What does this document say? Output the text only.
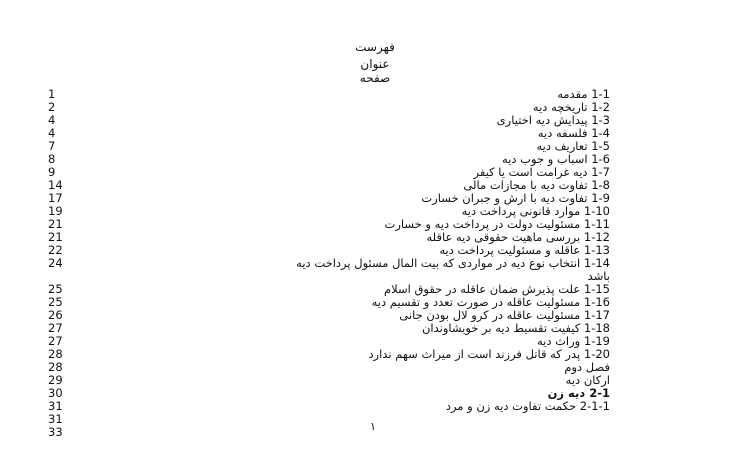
فهرست
عنوان
صفحه
1-1 مقدمه
1
1-2 تاریخچه دیه
2
1-3 پیدایش دیه اختیاری
4
1-4 فلسفه دیه
4
1-5 تعاریف دیه
7
1-6 اسباب و جوب دیه
8
1-7 دیه غرامت است یا کیفر
9
1-8 تفاوت دیه با مجازات مالی
14
1-9 تفاوت دیه با ارش و جبران خسارت
17
1-10 موارد قانونی پرداخت دیه
19
1-11 مسئولیت دولت در پرداخت دیه و خسارت
21
1-12 بررسی ماهیت حقوقی دیه عاقله
21
1-13 عاقله و مسئولیت پرداخت دیه
22
1-14 انتخاب نوع دیه در مواردی که بیت المال مسئول پرداخت دیه
24
باشد
1-15 علت پذیرش ضمان عاقله در حقوق اسلام
25
1-16 مسئولیت عاقله در صورت تعدد و تقسیم دیه
25
1-17 مسئولیت عاقله در کرو لال بودن جانی
26
1-18 کیفیت تقسیط دیه بر خویشاوندان
27
1-19 وراث دیه
27
1-20 پدر که قاتل فرزند است از میراث سهم ندارد
28
فصل دوم
28
ارکان دیه
29
2-1 دیه زن
30
2-1-1 حکمت تفاوت دیه زن و مرد
31
31
33	١
